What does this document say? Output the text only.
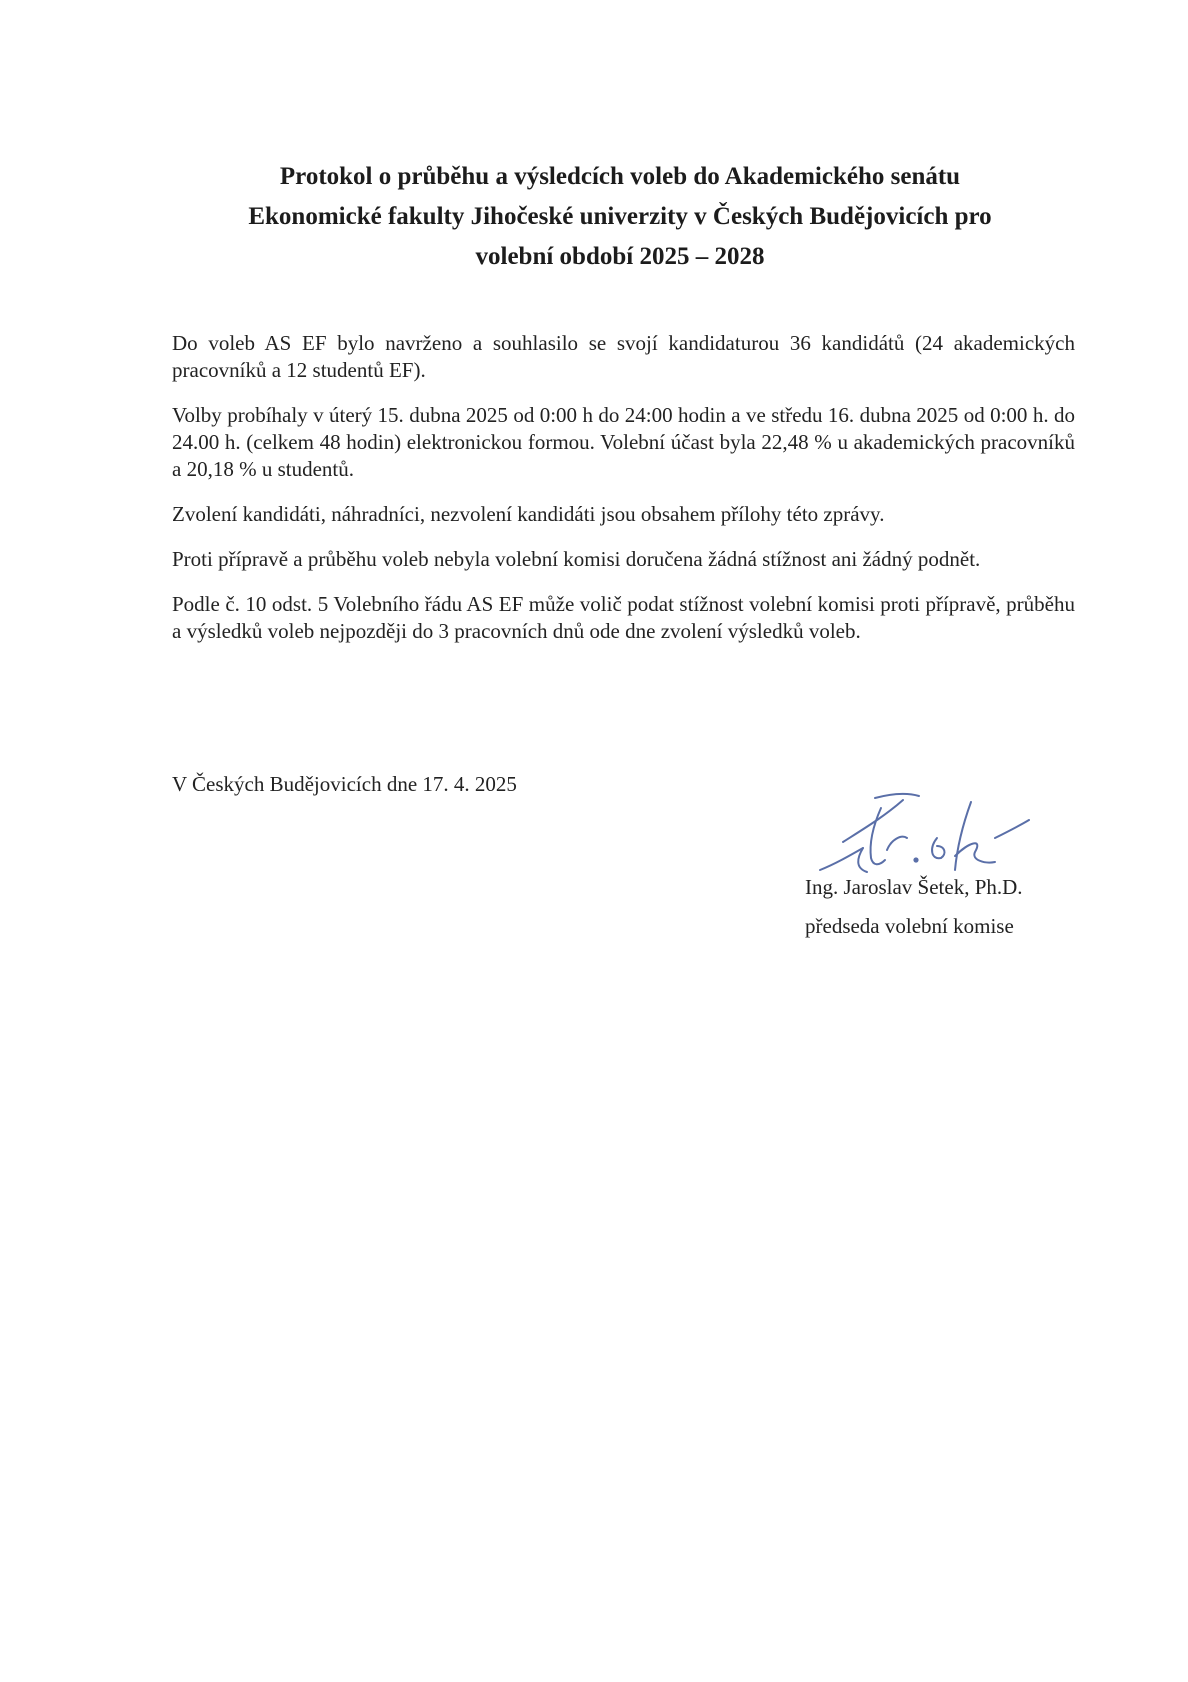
Protokol o průběhu a výsledcích voleb do Akademického senátu
Ekonomické fakulty Jihočeské univerzity v Českých Budějovicích pro
volební období 2025 – 2028

Do voleb AS EF bylo navrženo a souhlasilo se svojí kandidaturou 36 kandidátů (24 akademických pracovníků a 12 studentů EF).

Volby probíhaly v úterý 15. dubna 2025 od 0:00 h do 24:00 hodin a ve středu 16. dubna 2025 od 0:00 h. do 24.00 h. (celkem 48 hodin) elektronickou formou. Volební účast byla 22,48 % u akademických pracovníků a 20,18 % u studentů.

Zvolení kandidáti, náhradníci, nezvolení kandidáti jsou obsahem přílohy této zprávy.

Proti přípravě a průběhu voleb nebyla volební komisi doručena žádná stížnost ani žádný podnět.

Podle č. 10 odst. 5 Volebního řádu AS EF může volič podat stížnost volební komisi proti přípravě, průběhu a výsledků voleb nejpozději do 3 pracovních dnů ode dne zvolení výsledků voleb.

V Českých Budějovicích dne 17. 4. 2025
Ing. Jaroslav Šetek, Ph.D.
předseda volební komise
